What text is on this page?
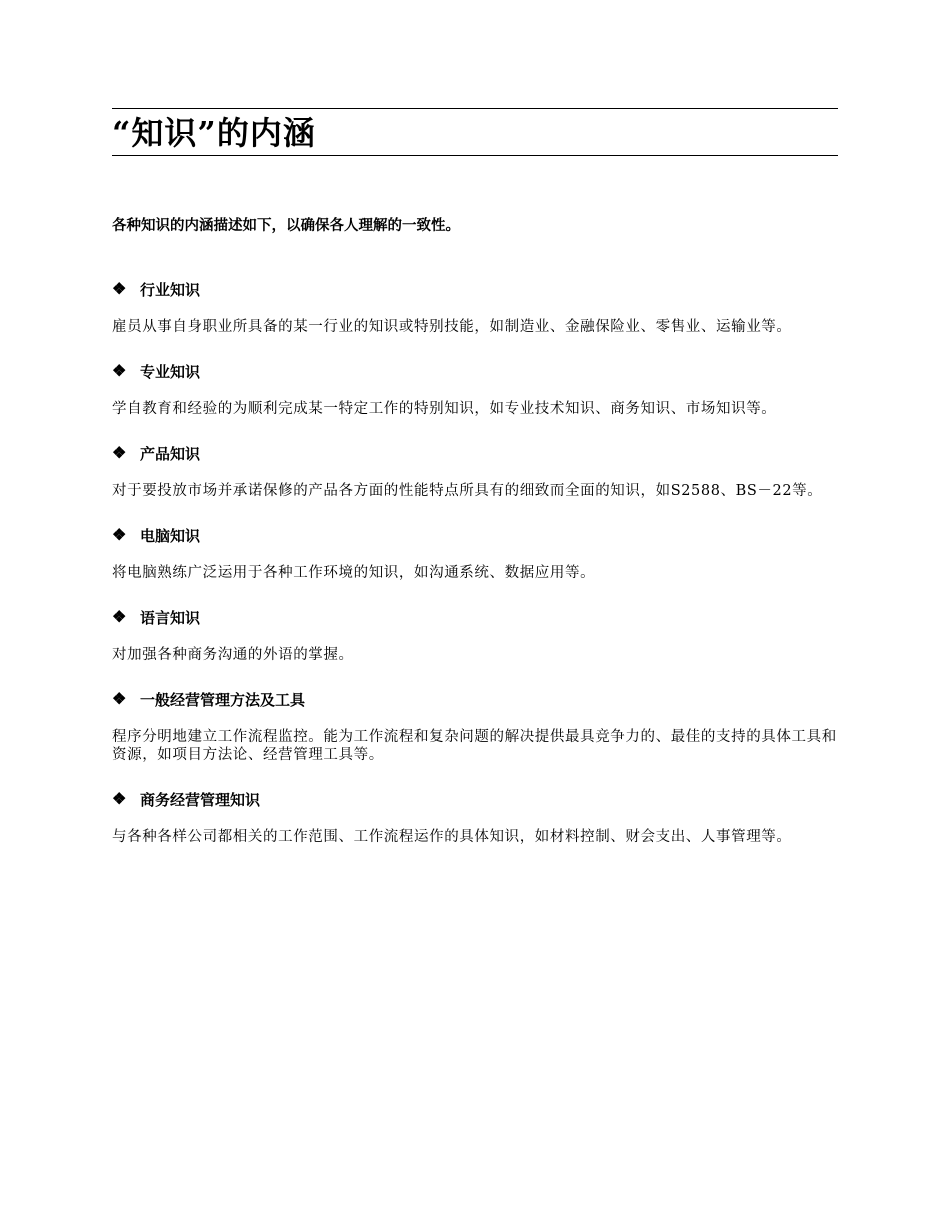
“知识”的内涵

各种知识的内涵描述如下，以确保各人理解的一致性。

❖ 行业知识

雇员从事自身职业所具备的某一行业的知识或特别技能，如制造业、金融保险业、零售业、运输业等。

❖ 专业知识

学自教育和经验的为顺利完成某一特定工作的特别知识，如专业技术知识、商务知识、市场知识等。

❖ 产品知识

对于要投放市场并承诺保修的产品各方面的性能特点所具有的细致而全面的知识，如S2588、BS－22等。

❖ 电脑知识

将电脑熟练广泛运用于各种工作环境的知识，如沟通系统、数据应用等。

❖ 语言知识

对加强各种商务沟通的外语的掌握。

❖ 一般经营管理方法及工具

程序分明地建立工作流程监控。能为工作流程和复杂问题的解决提供最具竞争力的、最佳的支持的具体工具和资源，如项目方法论、经营管理工具等。

❖ 商务经营管理知识

与各种各样公司都相关的工作范围、工作流程运作的具体知识，如材料控制、财会支出、人事管理等。
